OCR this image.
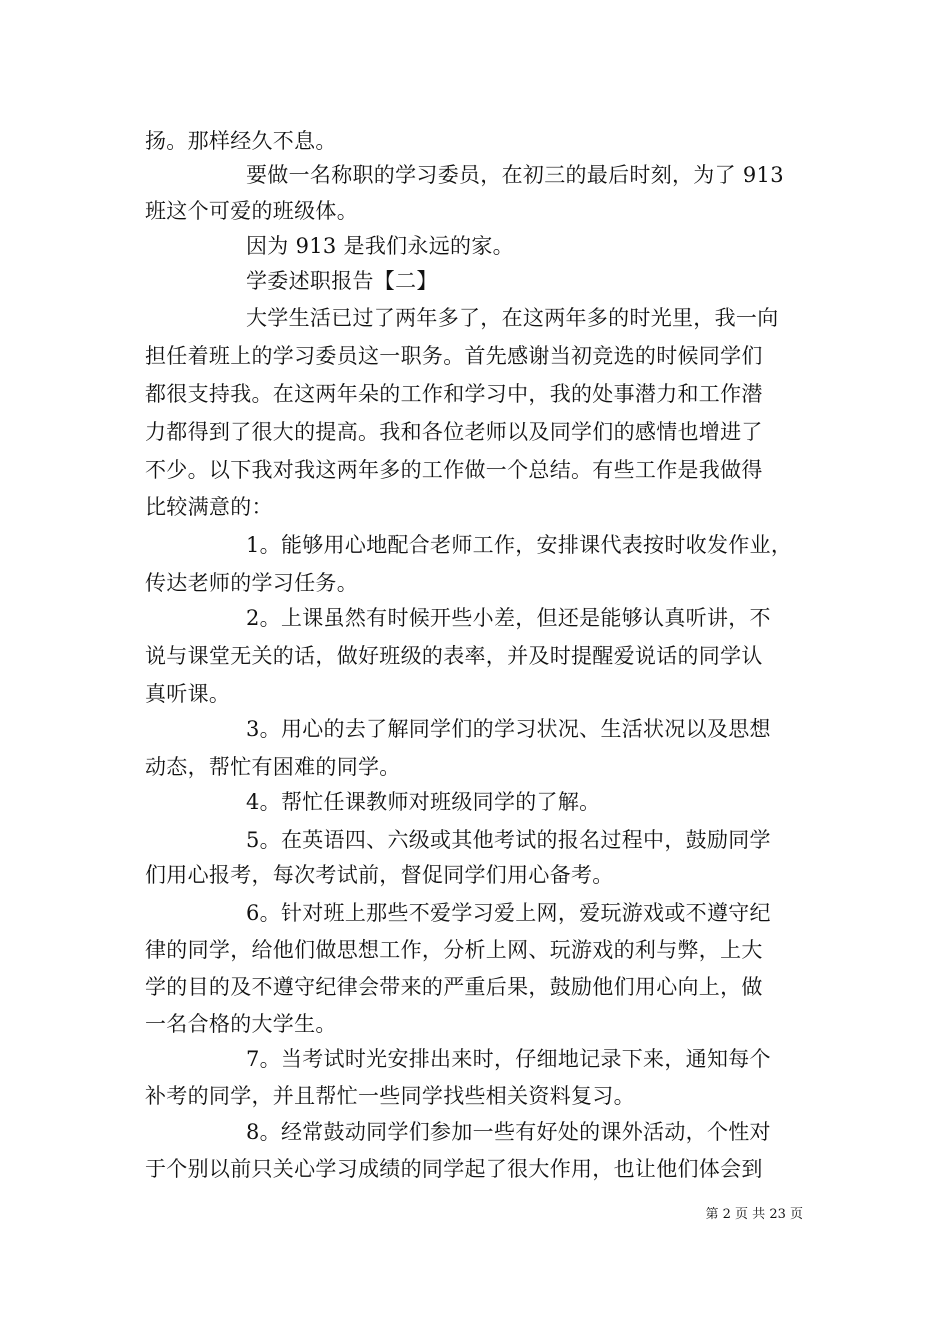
扬。那样经久不息。
要做一名称职的学习委员，在初三的最后时刻，为了 913
班这个可爱的班级体。
因为 913 是我们永远的家。
学委述职报告【二】
大学生活已过了两年多了，在这两年多的时光里，我一向
担任着班上的学习委员这一职务。首先感谢当初竞选的时候同学们
都很支持我。在这两年朵的工作和学习中，我的处事潜力和工作潜
力都得到了很大的提高。我和各位老师以及同学们的感情也增进了
不少。以下我对我这两年多的工作做一个总结。有些工作是我做得
比较满意的：
1。能够用心地配合老师工作，安排课代表按时收发作业，
传达老师的学习任务。
2。上课虽然有时候开些小差，但还是能够认真听讲，不
说与课堂无关的话，做好班级的表率，并及时提醒爱说话的同学认
真听课。
3。用心的去了解同学们的学习状况、生活状况以及思想
动态，帮忙有困难的同学。
4。帮忙任课教师对班级同学的了解。
5。在英语四、六级或其他考试的报名过程中，鼓励同学
们用心报考，每次考试前，督促同学们用心备考。
6。针对班上那些不爱学习爱上网，爱玩游戏或不遵守纪
律的同学，给他们做思想工作，分析上网、玩游戏的利与弊，上大
学的目的及不遵守纪律会带来的严重后果，鼓励他们用心向上，做
一名合格的大学生。
7。当考试时光安排出来时，仔细地记录下来，通知每个
补考的同学，并且帮忙一些同学找些相关资料复习。
8。经常鼓动同学们参加一些有好处的课外活动，个性对
于个别以前只关心学习成绩的同学起了很大作用，也让他们体会到
第 2 页 共 23 页
